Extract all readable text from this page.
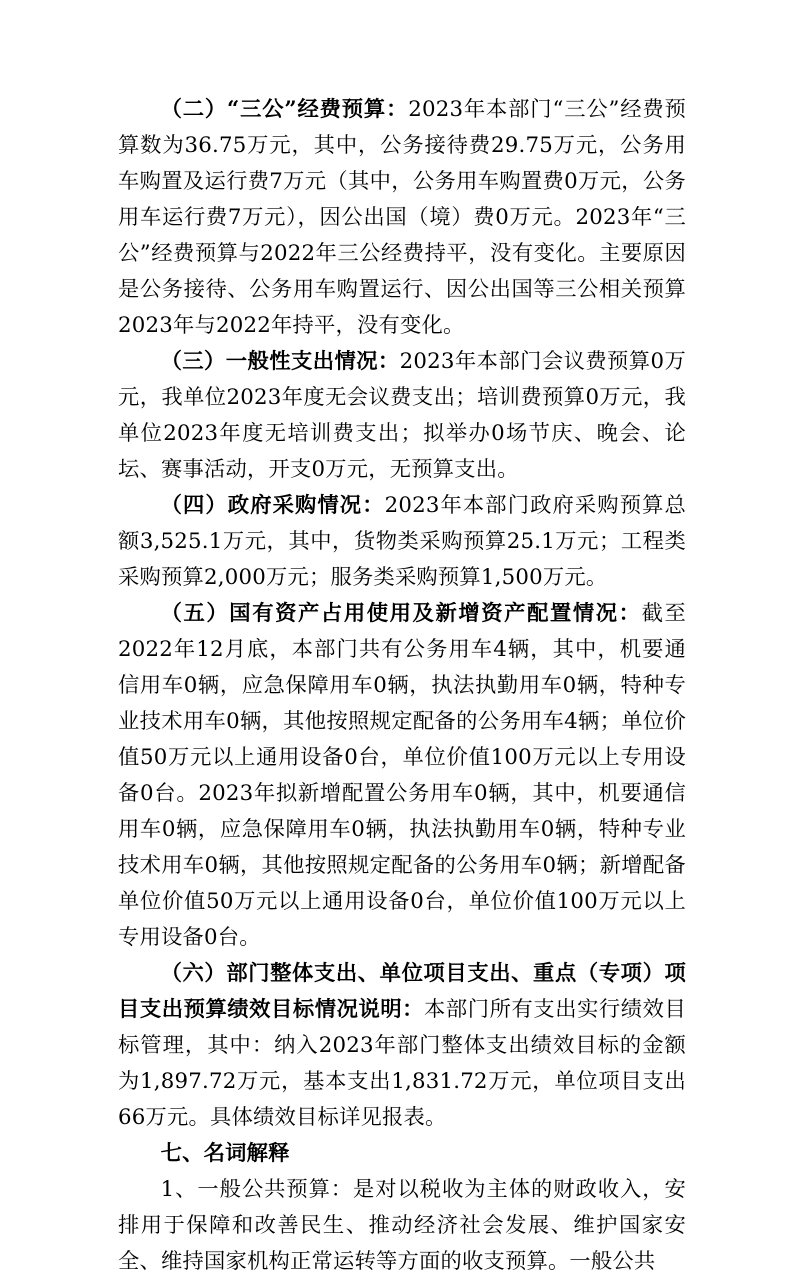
（二）“三公”经费预算：2023年本部门“三公”经费预算数为36.75万元，其中，公务接待费29.75万元，公务用车购置及运行费7万元（其中，公务用车购置费0万元，公务用车运行费7万元），因公出国（境）费0万元。2023年“三公”经费预算与2022年三公经费持平，没有变化。主要原因是公务接待、公务用车购置运行、因公出国等三公相关预算2023年与2022年持平，没有变化。

（三）一般性支出情况：2023年本部门会议费预算0万元，我单位2023年度无会议费支出；培训费预算0万元，我单位2023年度无培训费支出；拟举办0场节庆、晚会、论坛、赛事活动，开支0万元，无预算支出。

（四）政府采购情况：2023年本部门政府采购预算总额3,525.1万元，其中，货物类采购预算25.1万元；工程类采购预算2,000万元；服务类采购预算1,500万元。

（五）国有资产占用使用及新增资产配置情况：截至2022年12月底，本部门共有公务用车4辆，其中，机要通信用车0辆，应急保障用车0辆，执法执勤用车0辆，特种专业技术用车0辆，其他按照规定配备的公务用车4辆；单位价值50万元以上通用设备0台，单位价值100万元以上专用设备0台。2023年拟新增配置公务用车0辆，其中，机要通信用车0辆，应急保障用车0辆，执法执勤用车0辆，特种专业技术用车0辆，其他按照规定配备的公务用车0辆；新增配备单位价值50万元以上通用设备0台，单位价值100万元以上专用设备0台。

（六）部门整体支出、单位项目支出、重点（专项）项目支出预算绩效目标情况说明：本部门所有支出实行绩效目标管理，其中：纳入2023年部门整体支出绩效目标的金额为1,897.72万元，基本支出1,831.72万元，单位项目支出66万元。具体绩效目标详见报表。

七、名词解释

1、一般公共预算：是对以税收为主体的财政收入，安排用于保障和改善民生、推动经济社会发展、维护国家安全、维持国家机构正常运转等方面的收支预算。一般公共
